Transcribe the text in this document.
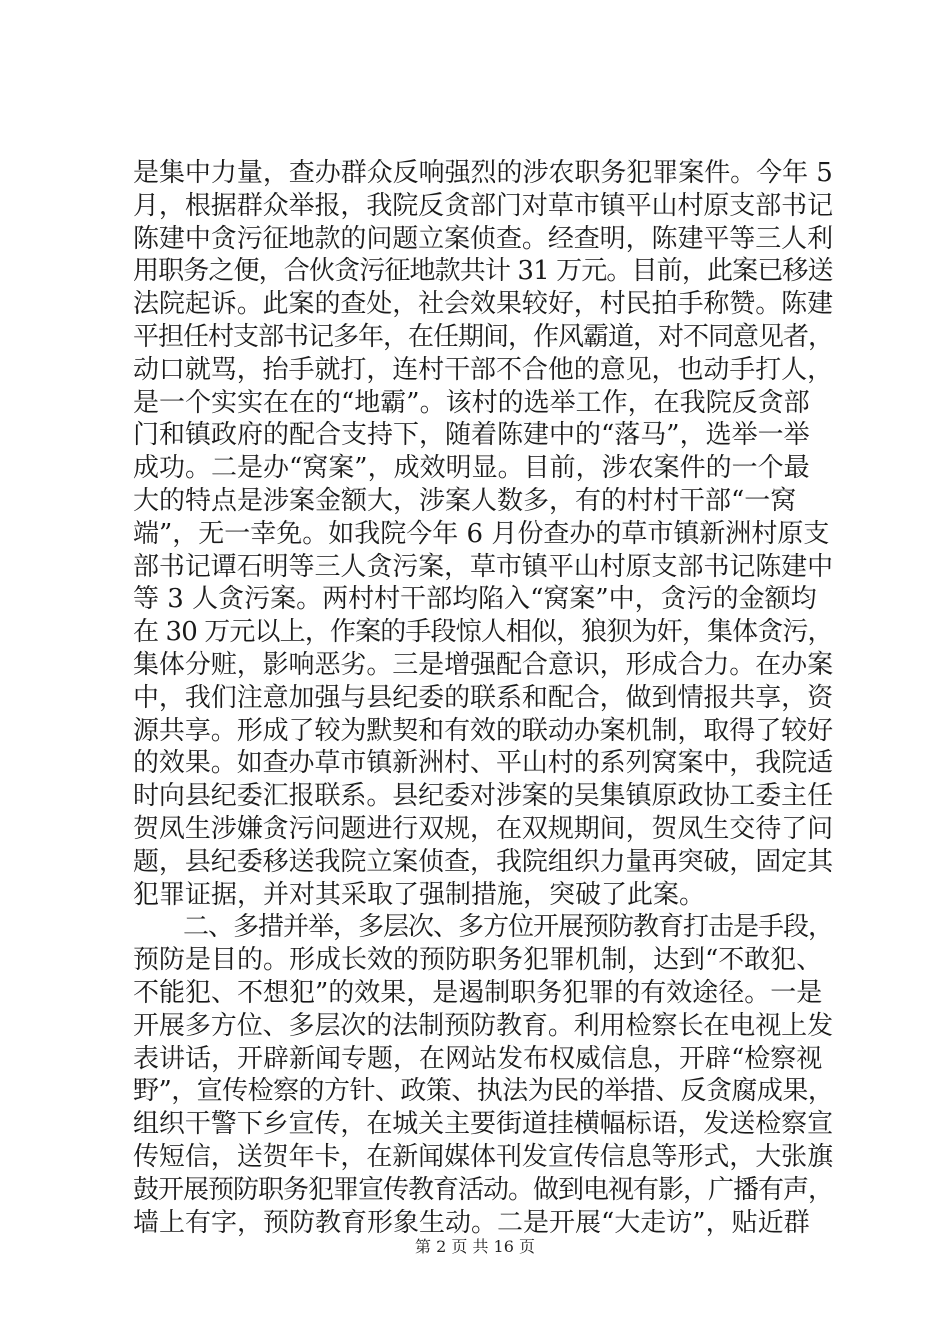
是集中力量，查办群众反响强烈的涉农职务犯罪案件。今年 5
月，根据群众举报，我院反贪部门对草市镇平山村原支部书记
陈建中贪污征地款的问题立案侦查。经查明，陈建平等三人利
用职务之便，合伙贪污征地款共计 31 万元。目前，此案已移送
法院起诉。此案的查处，社会效果较好，村民拍手称赞。陈建
平担任村支部书记多年，在任期间，作风霸道，对不同意见者，
动口就骂，抬手就打，连村干部不合他的意见，也动手打人，
是一个实实在在的“地霸”。该村的选举工作，在我院反贪部
门和镇政府的配合支持下，随着陈建中的“落马”，选举一举
成功。二是办“窝案”，成效明显。目前，涉农案件的一个最
大的特点是涉案金额大，涉案人数多，有的村村干部“一窝
端”，无一幸免。如我院今年 6 月份查办的草市镇新洲村原支
部书记谭石明等三人贪污案，草市镇平山村原支部书记陈建中
等 3 人贪污案。两村村干部均陷入“窝案”中，贪污的金额均
在 30 万元以上，作案的手段惊人相似，狼狈为奸，集体贪污，
集体分赃，影响恶劣。三是增强配合意识，形成合力。在办案
中，我们注意加强与县纪委的联系和配合，做到情报共享，资
源共享。形成了较为默契和有效的联动办案机制，取得了较好
的效果。如查办草市镇新洲村、平山村的系列窝案中，我院适
时向县纪委汇报联系。县纪委对涉案的吴集镇原政协工委主任
贺凤生涉嫌贪污问题进行双规，在双规期间，贺凤生交待了问
题，县纪委移送我院立案侦查，我院组织力量再突破，固定其
犯罪证据，并对其采取了强制措施，突破了此案。
　　二、多措并举，多层次、多方位开展预防教育打击是手段，
预防是目的。形成长效的预防职务犯罪机制，达到“不敢犯、
不能犯、不想犯”的效果，是遏制职务犯罪的有效途径。一是
开展多方位、多层次的法制预防教育。利用检察长在电视上发
表讲话，开辟新闻专题，在网站发布权威信息，开辟“检察视
野”，宣传检察的方针、政策、执法为民的举措、反贪腐成果，
组织干警下乡宣传，在城关主要街道挂横幅标语，发送检察宣
传短信，送贺年卡，在新闻媒体刊发宣传信息等形式，大张旗
鼓开展预防职务犯罪宣传教育活动。做到电视有影，广播有声，
墙上有字，预防教育形象生动。二是开展“大走访”，贴近群
第 2 页 共 16 页
